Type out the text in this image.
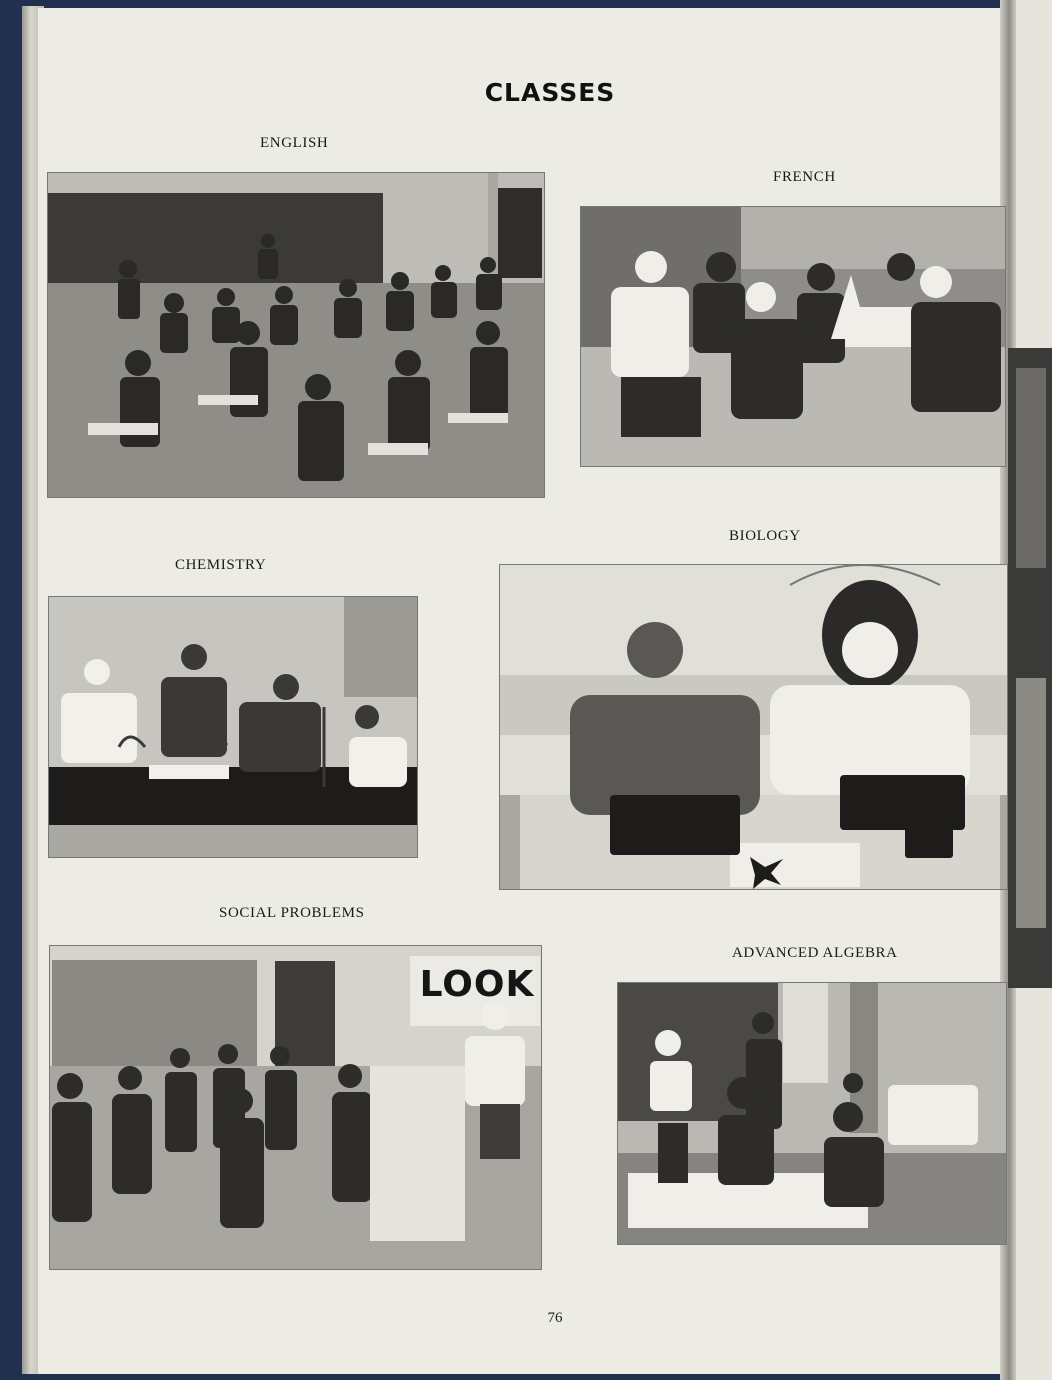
CLASSES
ENGLISH
FRENCH
CHEMISTRY
BIOLOGY
SOCIAL PROBLEMS
LOOK
ADVANCED ALGEBRA
76
